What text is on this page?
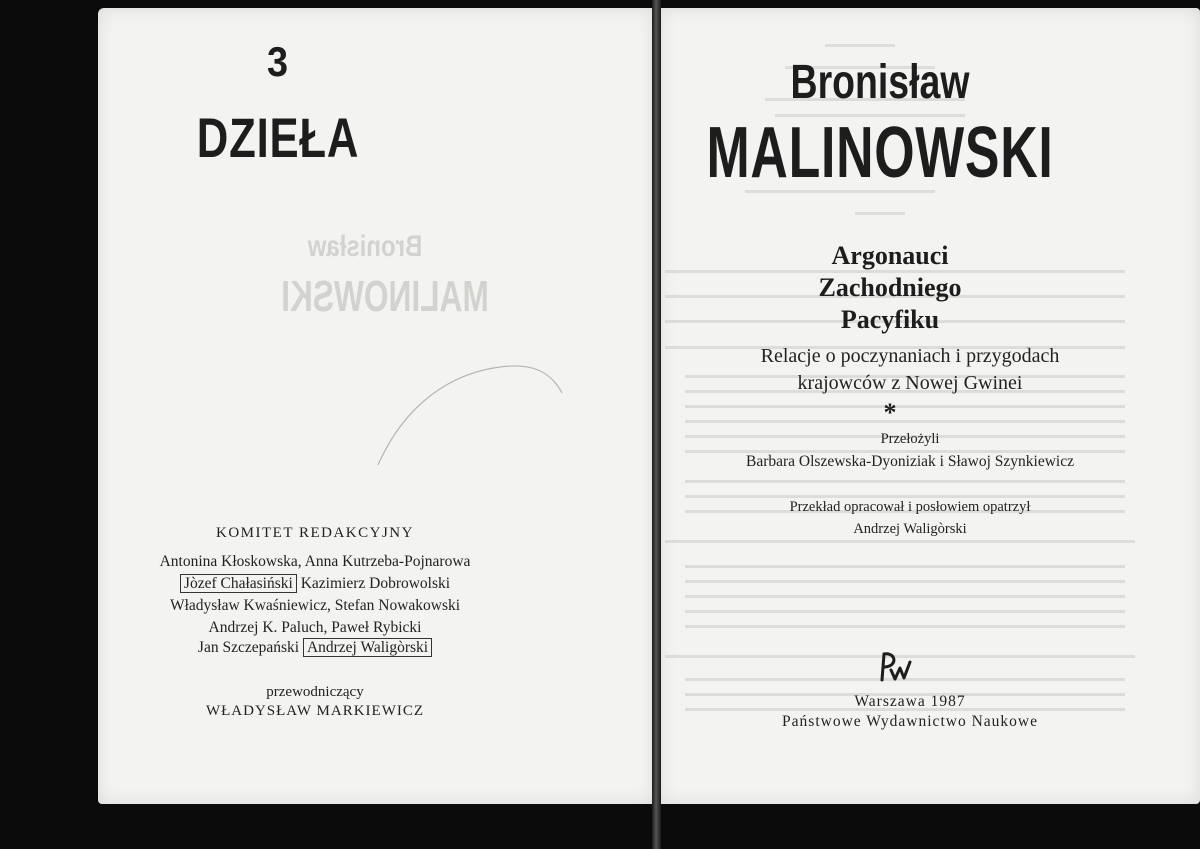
3
DZIEŁA
Bronisław
MALINOWSKI
KOMITET REDAKCYJNY
Antonina Kłoskowska, Anna Kutrzeba-Pojnarowa
Jòzef Chałasiński Kazimierz Dobrowolski
Władysław Kwaśniewicz, Stefan Nowakowski
Andrzej K. Paluch, Paweł Rybicki
Jan Szczepański Andrzej Waligòrski
przewodniczący
WŁADYSŁAW MARKIEWICZ
Bronisław
MALINOWSKI
Argonauci
Zachodniego
Pacyfiku
Relacje o poczynaniach i przygodach
krajowców z Nowej Gwinei
*
Przełożyli
Barbara Olszewska-Dyoniziak i Sławoj Szynkiewicz
Przekład opracował i posłowiem opatrzył
Andrzej Waligòrski
Warszawa 1987
Państwowe Wydawnictwo Naukowe
